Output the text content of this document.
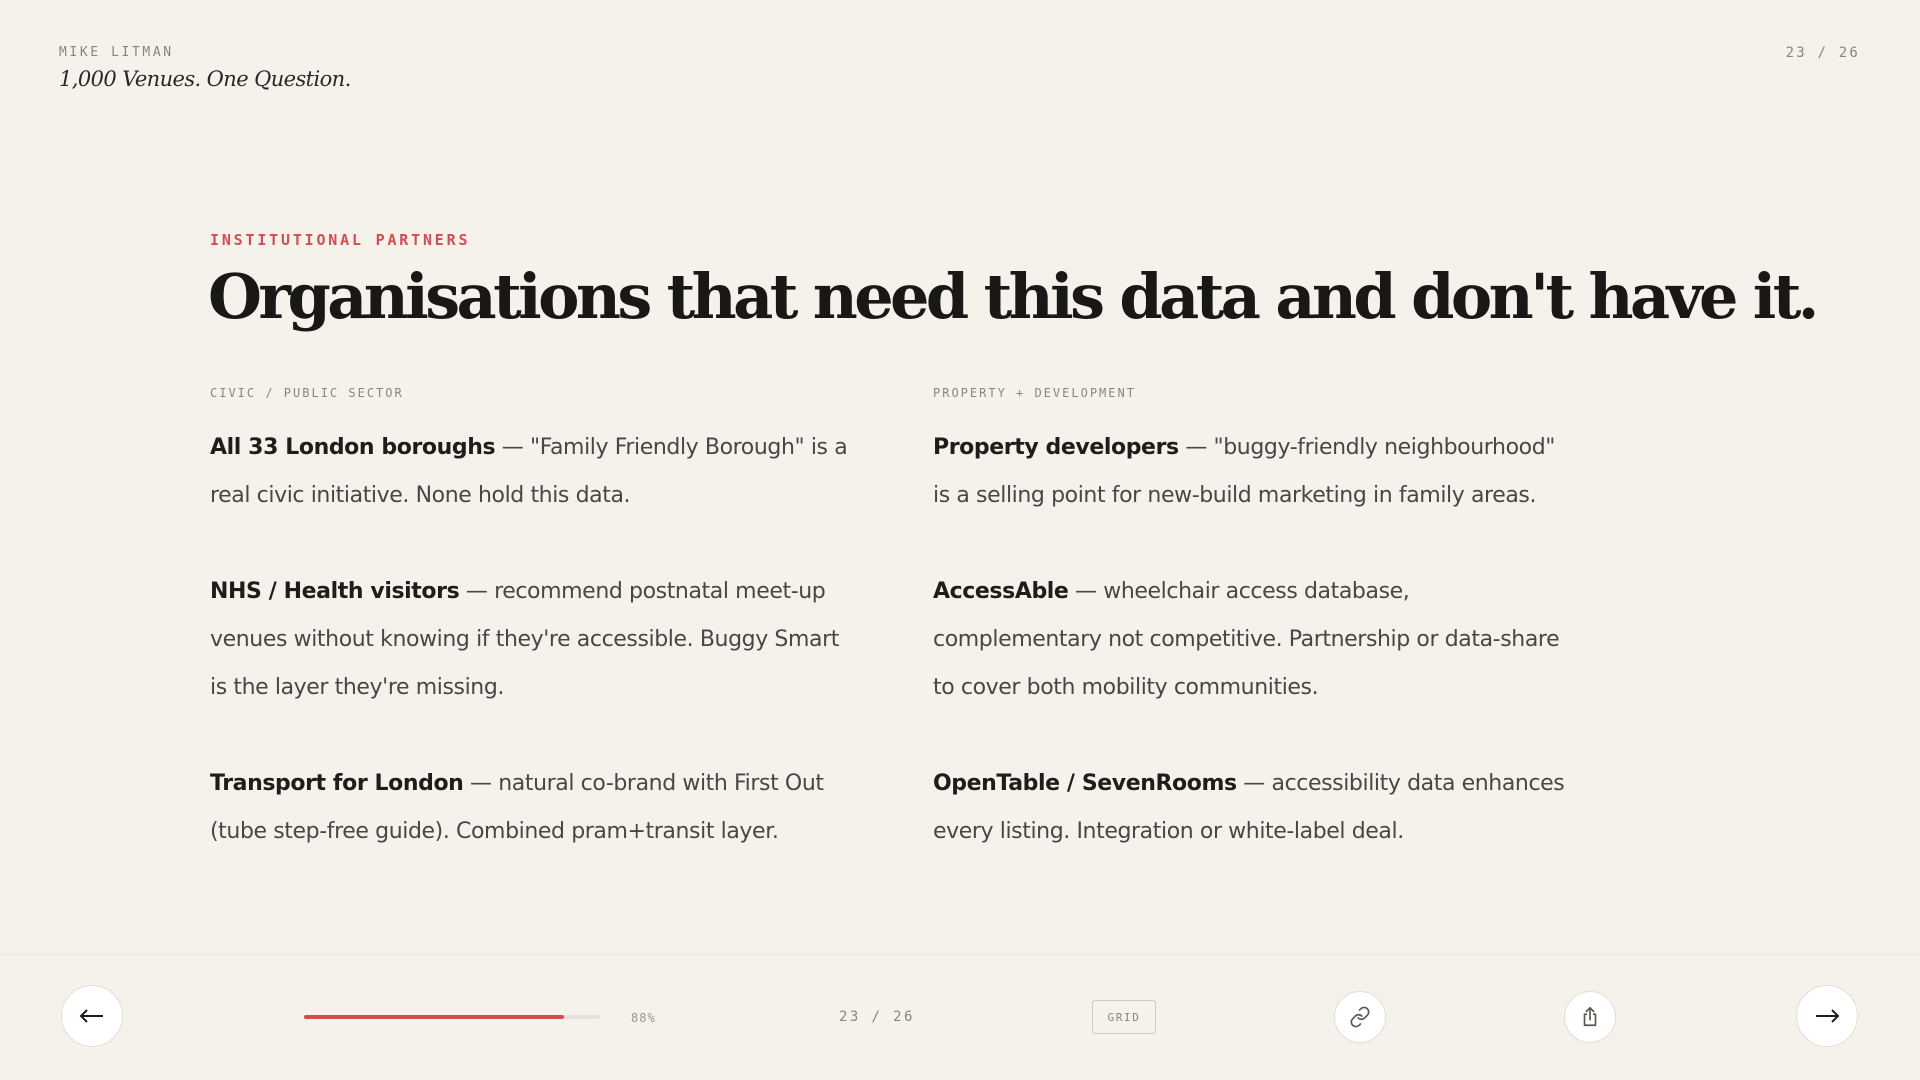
MIKE LITMAN
1,000 Venues. One Question.
23 / 26
INSTITUTIONAL PARTNERS
Organisations that need this data and don't have it.
CIVIC / PUBLIC SECTOR
All 33 London boroughs — "Family Friendly Borough" is a real civic initiative. None hold this data.
NHS / Health visitors — recommend postnatal meet-up venues without knowing if they're accessible. Buggy Smart is the layer they're missing.
Transport for London — natural co-brand with First Out (tube step-free guide). Combined pram+transit layer.
PROPERTY + DEVELOPMENT
Property developers — "buggy-friendly neighbourhood" is a selling point for new-build marketing in family areas.
AccessAble — wheelchair access database, complementary not competitive. Partnership or data-share to cover both mobility communities.
OpenTable / SevenRooms — accessibility data enhances every listing. Integration or white-label deal.
88%	23 / 26	GRID
